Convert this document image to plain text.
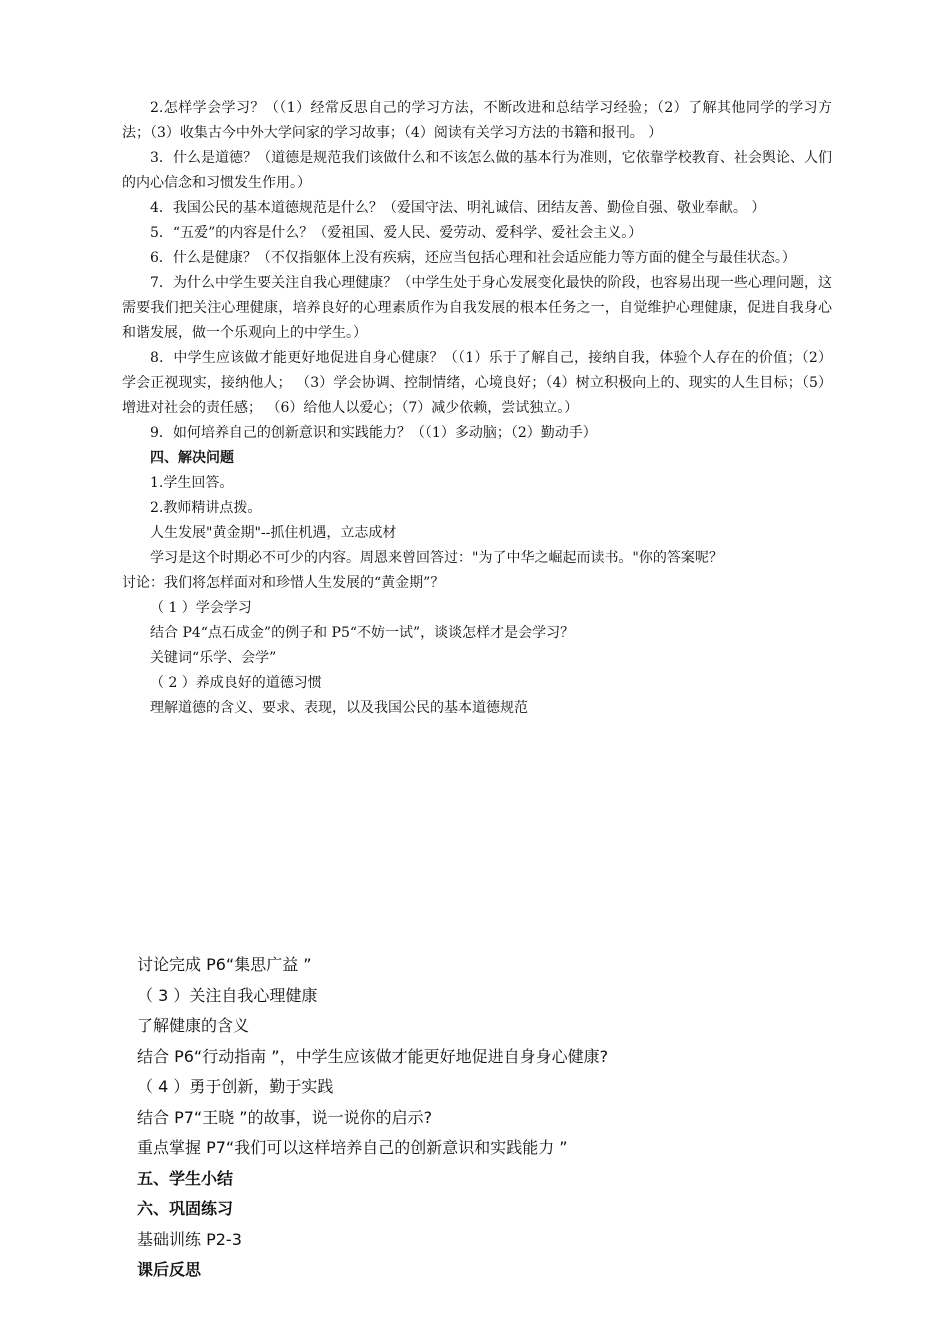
2.怎样学会学习？（（1）经常反思自己的学习方法，不断改进和总结学习经验；（2）了解其他同学的学习方法；（3）收集古今中外大学问家的学习故事；（4）阅读有关学习方法的书籍和报刊。 ）

3．什么是道德？（道德是规范我们该做什么和不该怎么做的基本行为准则，它依靠学校教育、社会舆论、人们的内心信念和习惯发生作用。）

4．我国公民的基本道德规范是什么？（爱国守法、明礼诚信、团结友善、勤俭自强、敬业奉献。 ）

5．“五爱”的内容是什么？（爱祖国、爱人民、爱劳动、爱科学、爱社会主义。）

6．什么是健康？（不仅指躯体上没有疾病，还应当包括心理和社会适应能力等方面的健全与最佳状态。）

7．为什么中学生要关注自我心理健康？（中学生处于身心发展变化最快的阶段，也容易出现一些心理问题，这需要我们把关注心理健康，培养良好的心理素质作为自我发展的根本任务之一，自觉维护心理健康，促进自我身心和谐发展，做一个乐观向上的中学生。）

8．中学生应该做才能更好地促进自身心健康？（（1）乐于了解自己，接纳自我，体验个人存在的价值；（2）学会正视现实，接纳他人； （3）学会协调、控制情绪，心境良好；（4）树立积极向上的、现实的人生目标；（5）增进对社会的责任感； （6）给他人以爱心；（7）减少依赖，尝试独立。）

9．如何培养自己的创新意识和实践能力？（（1）多动脑；（2）勤动手）

四、解决问题

1.学生回答。

2.教师精讲点拨。

人生发展"黄金期"--抓住机遇，立志成材

学习是这个时期必不可少的内容。周恩来曾回答过："为了中华之崛起而读书。"你的答案呢？

讨论：我们将怎样面对和珍惜人生发展的“黄金期”？

（ 1 ）学会学习

结合 P4“点石成金”的例子和 P5“不妨一试”，谈谈怎样才是会学习？

关键词“乐学、会学”

（ 2 ）养成良好的道德习惯

理解道德的含义、要求、表现，以及我国公民的基本道德规范

讨论完成 P6“集思广益 ”

（ 3 ）关注自我心理健康

了解健康的含义

结合 P6“行动指南 ”，中学生应该做才能更好地促进自身身心健康?

（ 4 ）勇于创新，勤于实践

结合 P7“王晓 ”的故事，说一说你的启示?

重点掌握 P7“我们可以这样培养自己的创新意识和实践能力 ”

五、学生小结

六、巩固练习

基础训练 P2-3

课后反思
